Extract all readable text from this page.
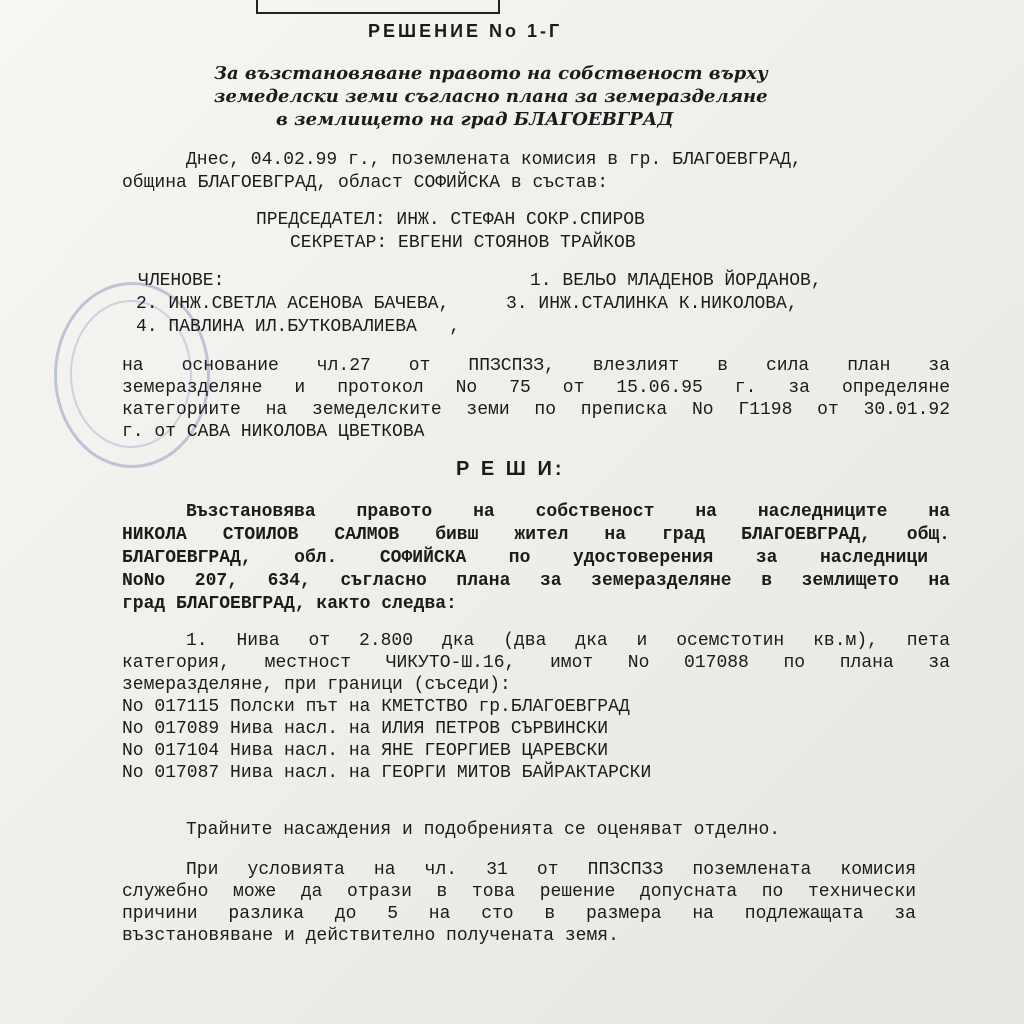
РЕШЕНИЕ No 1-Г
За възстановяване правото на собственост върху
земеделски земи съгласно плана за земеразделяне
в землището на град БЛАГОЕВГРАД
Днес, 04.02.99 г., поземлената комисия в гр. БЛАГОЕВГРАД,
община БЛАГОЕВГРАД, област СОФИЙСКА в състав:
ПРЕДСЕДАТЕЛ: ИНЖ. СТЕФАН СОКР.СПИРОВ
СЕКРЕТАР: ЕВГЕНИ СТОЯНОВ ТРАЙКОВ
ЧЛЕНОВЕ:	1. ВЕЛЬО МЛАДЕНОВ ЙОРДАНОВ,
2. ИНЖ.СВЕТЛА АСЕНОВА БАЧЕВА,	3. ИНЖ.СТАЛИНКА К.НИКОЛОВА,
4. ПАВЛИНА ИЛ.БУТКОВАЛИЕВА   ,
на основание чл.27 от ППЗСПЗЗ, влезлият в сила план за
земеразделяне и протокол No 75 от 15.06.95 г. за определяне
категориите на земеделските земи по преписка No Г1198 от 30.01.92
г. от САВА НИКОЛОВА ЦВЕТКОВА
Р Е Ш И:
Възстановява правото на собственост на наследниците на
НИКОЛА СТОИЛОВ САЛМОВ бивш жител на град БЛАГОЕВГРАД, общ.
БЛАГОЕВГРАД, обл. СОФИЙСКА по удостоверения за наследници
NoNo 207, 634, съгласно плана за земеразделяне в землището на
град БЛАГОЕВГРАД, както следва:
1. Нива от 2.800 дка (два дка и осемстотин кв.м), пета
категория, местност ЧИКУТО-Ш.16, имот No 017088 по плана за
земеразделяне, при граници (съседи):
No 017115 Полски път на КМЕТСТВО гр.БЛАГОЕВГРАД
No 017089 Нива насл. на ИЛИЯ ПЕТРОВ СЪРВИНСКИ
No 017104 Нива насл. на ЯНЕ ГЕОРГИЕВ ЦАРЕВСКИ
No 017087 Нива насл. на ГЕОРГИ МИТОВ БАЙРАКТАРСКИ
Трайните насаждения и подобренията се оценяват отделно.
При условията на чл. 31 от ППЗСПЗЗ поземлената комисия
служебно може да отрази в това решение допусната по технически
причини разлика до 5 на сто в размера на подлежащата за
възстановяване и действително получената земя.
